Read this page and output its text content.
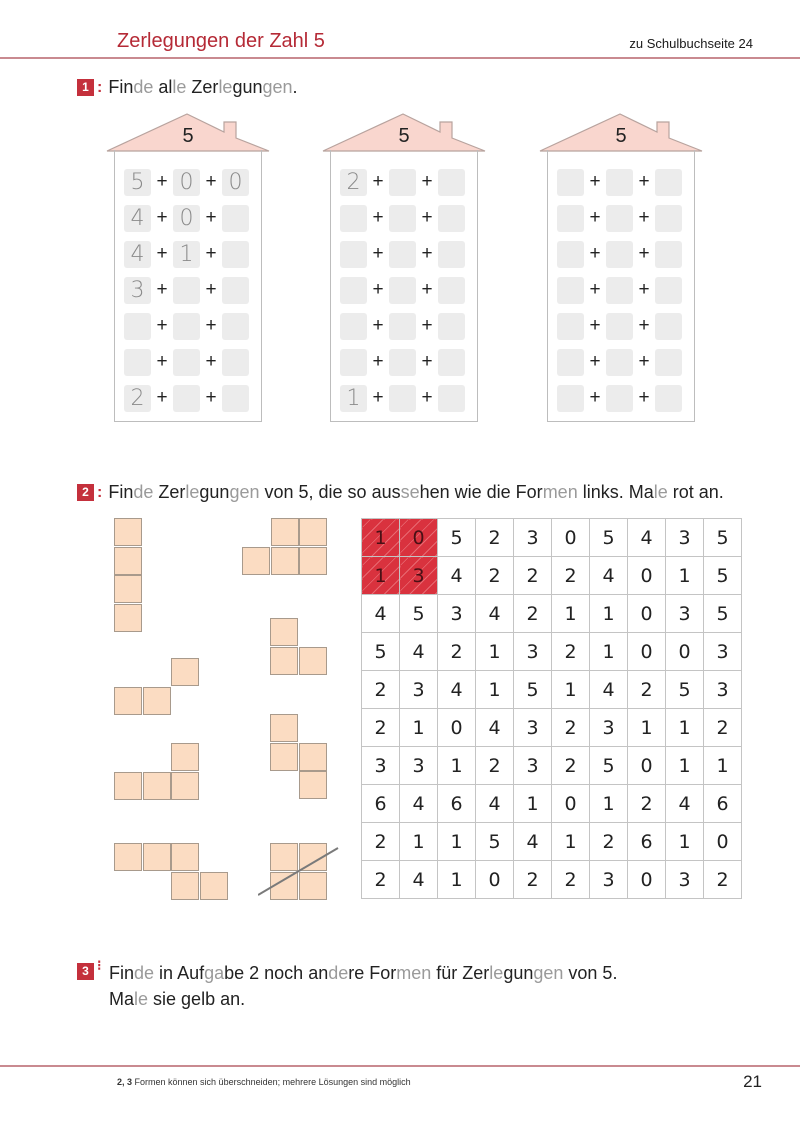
Zerlegungen der Zahl 5	zu Schulbuchseite 24
1 : Finde alle Zerlegungen.
5
5 + 0 + 0
4 + 0 +
4 + 1 +
3 + +
+ +
+ +
2 + +
5
2 + +
+ +
+ +
+ +
+ +
+ +
1 + +
5
+ +
+ +
+ +
+ +
+ +
+ +
+ +
2 : Finde Zerlegungen von 5, die so aussehen wie die Formen links. Male rot an.
1	0	5	2	3	0	5	4	3	5
1	3	4	2	2	2	4	0	1	5
4	5	3	4	2	1	1	0	3	5
5	4	2	1	3	2	1	0	0	3
2	3	4	1	5	1	4	2	5	3
2	1	0	4	3	2	3	1	1	2
3	3	1	2	3	2	5	0	1	1
6	4	6	4	1	0	1	2	4	6
2	1	1	5	4	1	2	6	1	0
2	4	1	0	2	2	3	0	3	2
3 ⁝ Finde in Aufgabe 2 noch andere Formen für Zerlegungen von 5.
Male sie gelb an.
2, 3 Formen können sich überschneiden; mehrere Lösungen sind möglich	21
